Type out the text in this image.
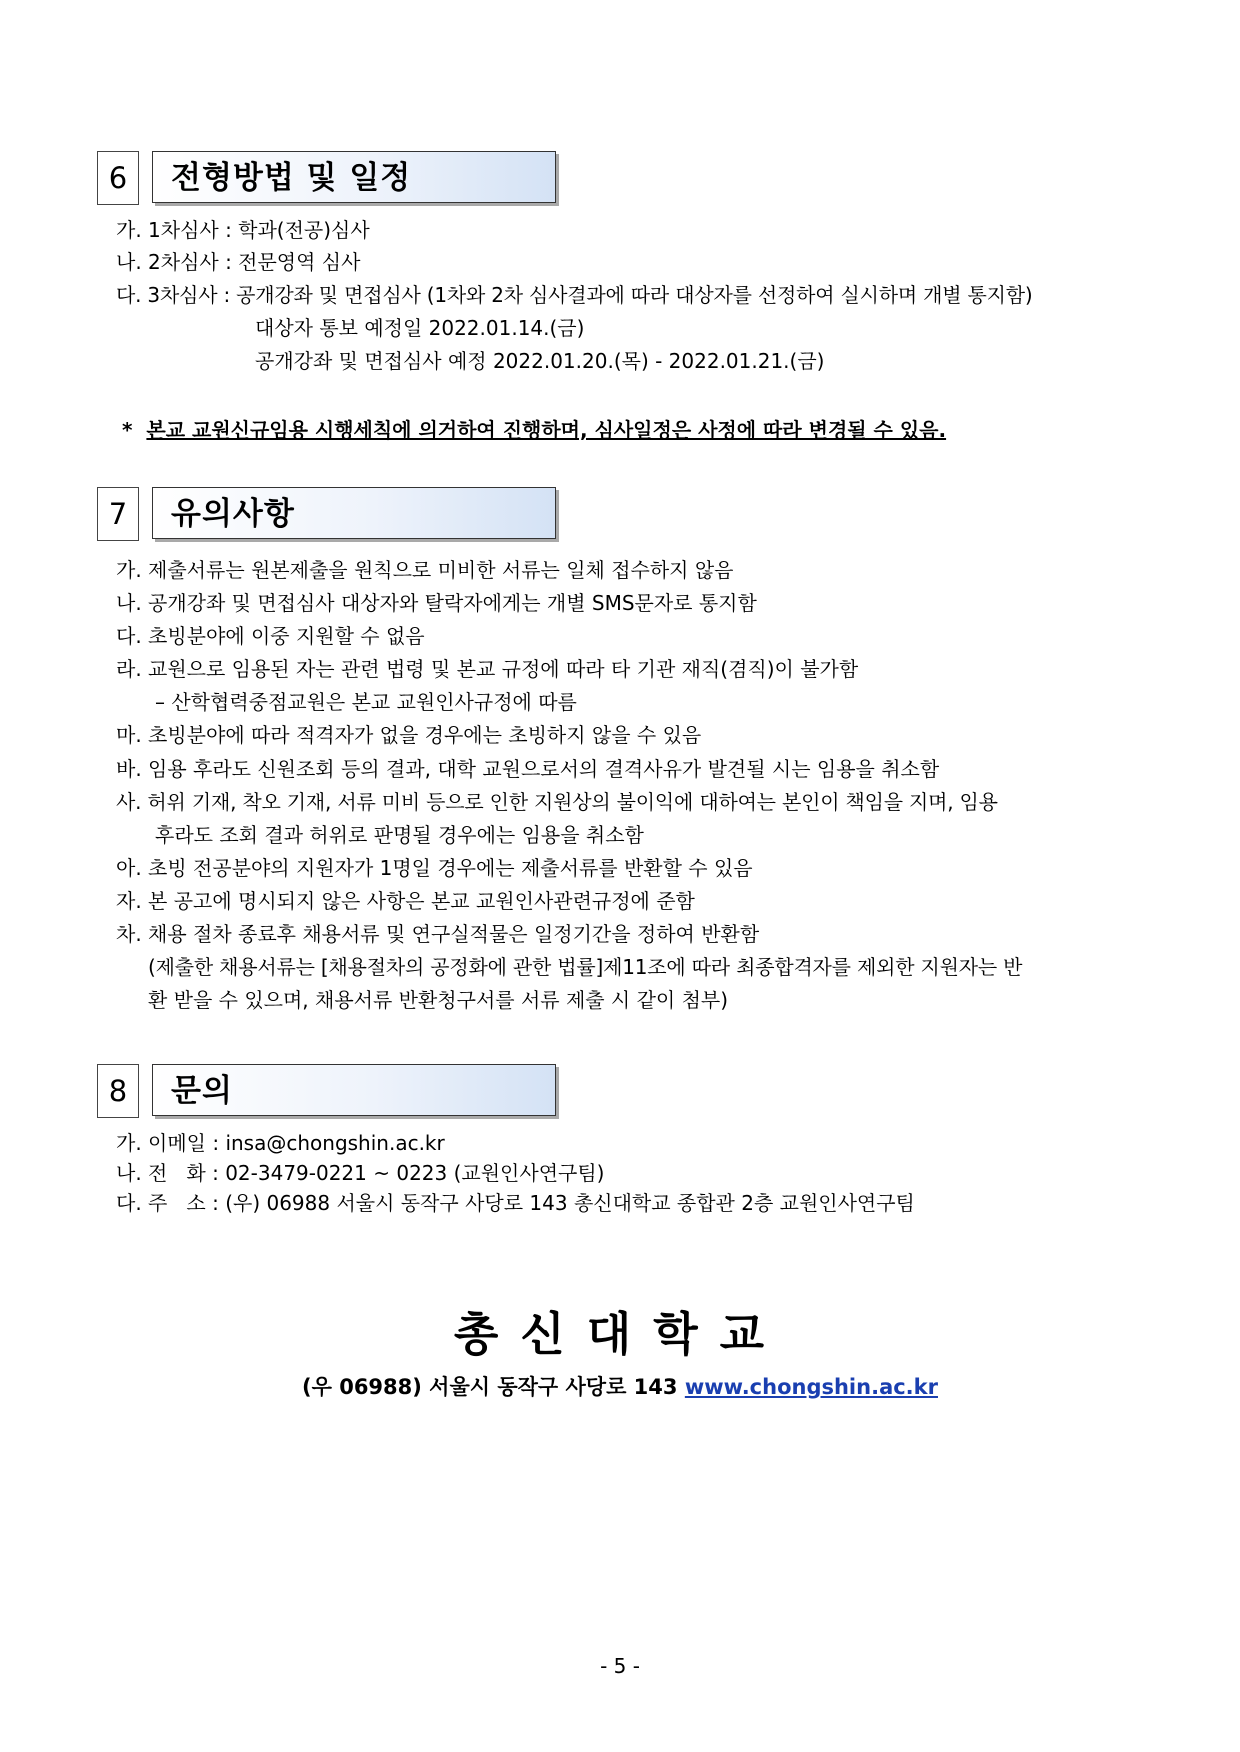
6	전형방법 및 일정
가. 1차심사 : 학과(전공)심사
나. 2차심사 : 전문영역 심사
다. 3차심사 : 공개강좌 및 면접심사 (1차와 2차 심사결과에 따라 대상자를 선정하여 실시하며 개별 통지함)
대상자 통보 예정일 2022.01.14.(금)
공개강좌 및 면접심사 예정 2022.01.20.(목) - 2022.01.21.(금)
* 본교 교원신규임용 시행세칙에 의거하여 진행하며, 심사일정은 사정에 따라 변경될 수 있음.
7	유의사항
가. 제출서류는 원본제출을 원칙으로 미비한 서류는 일체 접수하지 않음
나. 공개강좌 및 면접심사 대상자와 탈락자에게는 개별 SMS문자로 통지함
다. 초빙분야에 이중 지원할 수 없음
라. 교원으로 임용된 자는 관련 법령 및 본교 규정에 따라 타 기관 재직(겸직)이 불가함
– 산학협력중점교원은 본교 교원인사규정에 따름
마. 초빙분야에 따라 적격자가 없을 경우에는 초빙하지 않을 수 있음
바. 임용 후라도 신원조회 등의 결과, 대학 교원으로서의 결격사유가 발견될 시는 임용을 취소함
사. 허위 기재, 착오 기재, 서류 미비 등으로 인한 지원상의 불이익에 대하여는 본인이 책임을 지며, 임용
후라도 조회 결과 허위로 판명될 경우에는 임용을 취소함
아. 초빙 전공분야의 지원자가 1명일 경우에는 제출서류를 반환할 수 있음
자. 본 공고에 명시되지 않은 사항은 본교 교원인사관련규정에 준함
차. 채용 절차 종료후 채용서류 및 연구실적물은 일정기간을 정하여 반환함
(제출한 채용서류는 [채용절차의 공정화에 관한 법률]제11조에 따라 최종합격자를 제외한 지원자는 반
환 받을 수 있으며, 채용서류 반환청구서를 서류 제출 시 같이 첨부)
8	문의
가. 이메일 : insa@chongshin.ac.kr
나. 전   화 : 02-3479-0221 ~ 0223 (교원인사연구팀)
다. 주   소 : (우) 06988 서울시 동작구 사당로 143 총신대학교 종합관 2층 교원인사연구팀
총신대학교
(우 06988) 서울시 동작구 사당로 143 www.chongshin.ac.kr
- 5 -
